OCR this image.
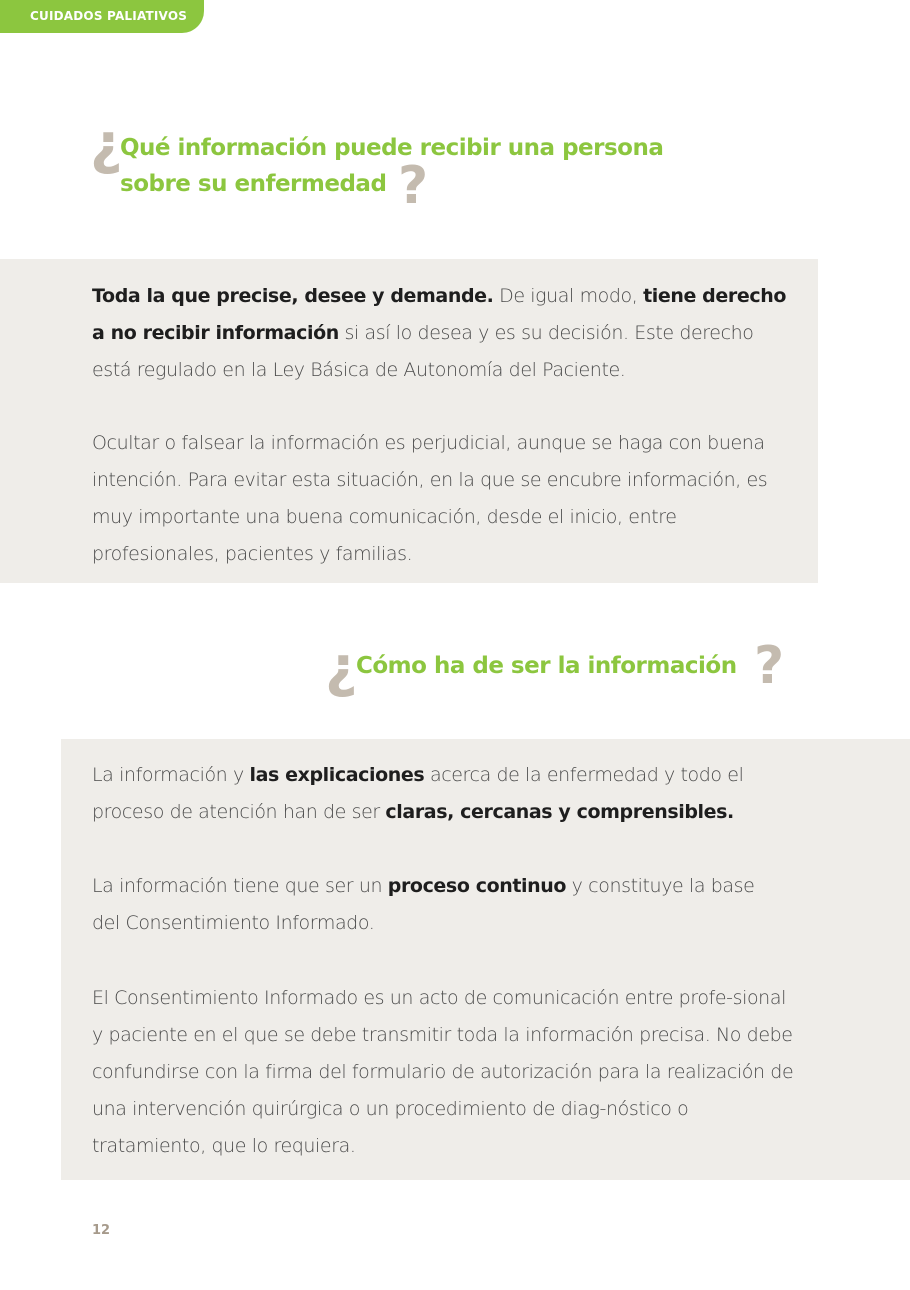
CUIDADOS PALIATIVOS
¿
Qué información puede recibir una persona
sobre su enfermedad ?

Toda la que precise, desee y demande. De igual modo, tiene derecho a no recibir información si así lo desea y es su decisión. Este derecho está regulado en la Ley Básica de Autonomía del Paciente.

Ocultar o falsear la información es perjudicial, aunque se haga con buena intención. Para evitar esta situación, en la que se encubre información, es muy importante una buena comunicación, desde el inicio, entre profesionales, pacientes y familias.

¿
Cómo ha de ser la información ?

La información y las explicaciones acerca de la enfermedad y todo el proceso de atención han de ser claras, cercanas y comprensibles.

La información tiene que ser un proceso continuo y constituye la base del Consentimiento Informado.

El Consentimiento Informado es un acto de comunicación entre profe-sional y paciente en el que se debe transmitir toda la información precisa. No debe confundirse con la firma del formulario de autorización para la realización de una intervención quirúrgica o un procedimiento de diag-nóstico o tratamiento, que lo requiera.

12
